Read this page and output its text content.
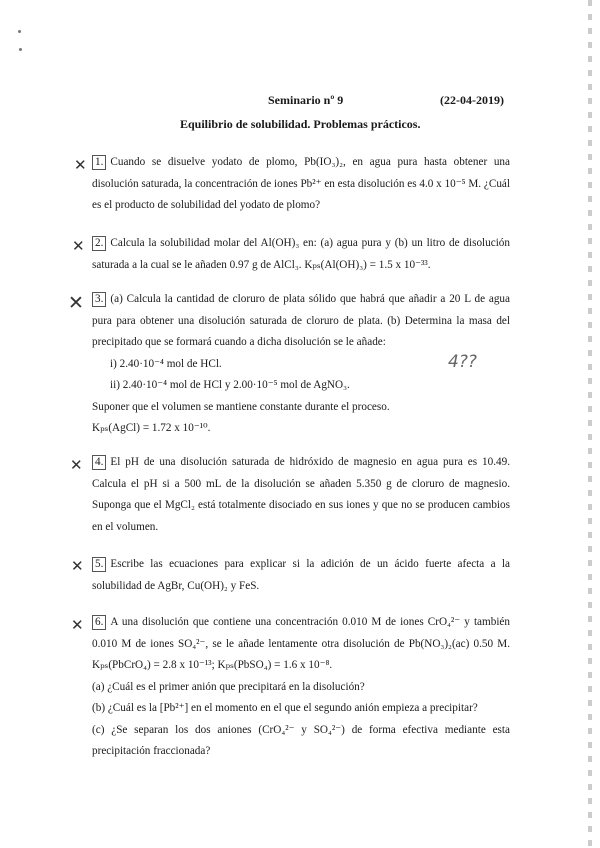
Seminario nº 9	(22-04-2019)
Equilibrio de solubilidad. Problemas prácticos.
✕ 1. Cuando se disuelve yodato de plomo, Pb(IO₃)₂, en agua pura hasta obtener una disolución saturada, la concentración de iones Pb²⁺ en esta disolución es 4.0 x 10⁻⁵ M. ¿Cuál es el producto de solubilidad del yodato de plomo?

✕ 2. Calcula la solubilidad molar del Al(OH)₃ en: (a) agua pura y (b) un litro de disolución saturada a la cual se le añaden 0.97 g de AlCl₃. Kₚₛ(Al(OH)₃) = 1.5 x 10⁻³³.

✕ 3. (a) Calcula la cantidad de cloruro de plata sólido que habrá que añadir a 20 L de agua pura para obtener una disolución saturada de cloruro de plata. (b) Determina la masa del precipitado que se formará cuando a dicha disolución se le añade:

i) 2.40·10⁻⁴ mol de HCl.

ii) 2.40·10⁻⁴ mol de HCl y 2.00·10⁻⁵ mol de AgNO₃.

Suponer que el volumen se mantiene constante durante el proceso.

Kₚₛ(AgCl) = 1.72 x 10⁻¹⁰.

4??
✕ 4. El pH de una disolución saturada de hidróxido de magnesio en agua pura es 10.49. Calcula el pH si a 500 mL de la disolución se añaden 5.350 g de cloruro de magnesio. Suponga que el MgCl₂ está totalmente disociado en sus iones y que no se producen cambios en el volumen.

✕ 5. Escribe las ecuaciones para explicar si la adición de un ácido fuerte afecta a la solubilidad de AgBr, Cu(OH)₂ y FeS.

✕ 6. A una disolución que contiene una concentración 0.010 M de iones CrO₄²⁻ y también 0.010 M de iones SO₄²⁻, se le añade lentamente otra disolución de Pb(NO₃)₂(ac) 0.50 M. Kₚₛ(PbCrO₄) = 2.8 x 10⁻¹³; Kₚₛ(PbSO₄) = 1.6 x 10⁻⁸.

(a) ¿Cuál es el primer anión que precipitará en la disolución?

(b) ¿Cuál es la [Pb²⁺] en el momento en el que el segundo anión empieza a precipitar?

(c) ¿Se separan los dos aniones (CrO₄²⁻ y SO₄²⁻) de forma efectiva mediante esta precipitación fraccionada?
